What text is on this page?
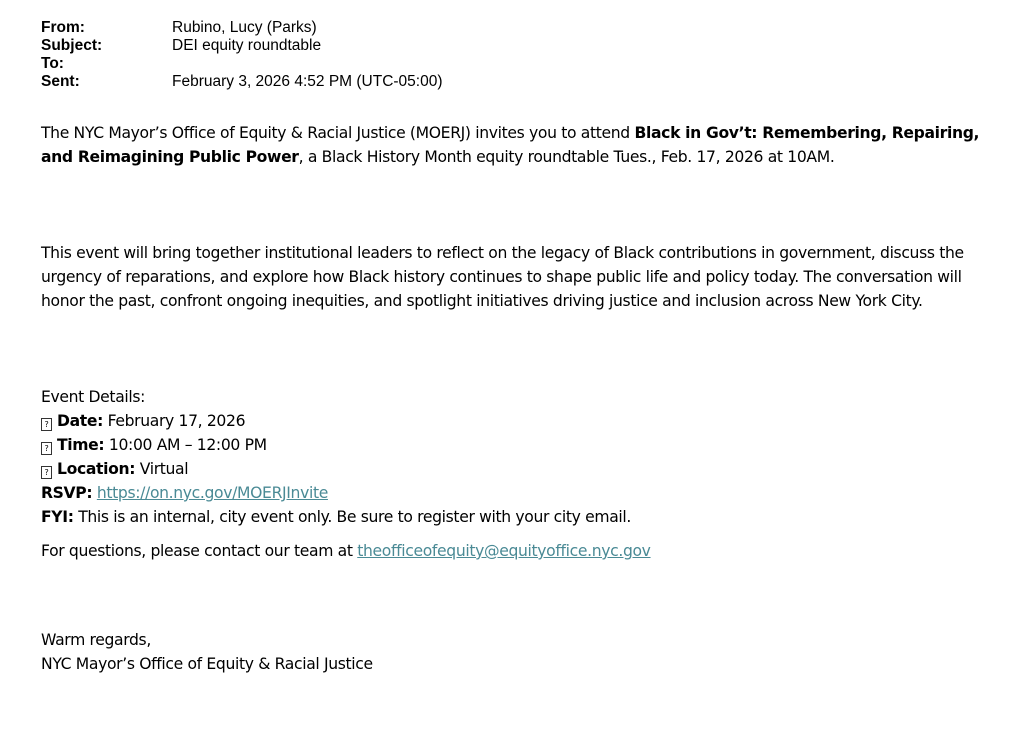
From:	Rubino, Lucy (Parks)
Subject:	DEI equity roundtable
To:
Sent:	February 3, 2026 4:52 PM (UTC-05:00)

The NYC Mayor’s Office of Equity & Racial Justice (MOERJ) invites you to attend Black in Gov’t: Remembering, Repairing, and Reimagining Public Power, a Black History Month equity roundtable Tues., Feb. 17, 2026 at 10AM.

This event will bring together institutional leaders to reflect on the legacy of Black contributions in government, discuss the urgency of reparations, and explore how Black history continues to shape public life and policy today. The conversation will honor the past, confront ongoing inequities, and spotlight initiatives driving justice and inclusion across New York City.

Event Details:
? Date: February 17, 2026
? Time: 10:00 AM – 12:00 PM
? Location: Virtual
RSVP: https://on.nyc.gov/MOERJInvite
FYI: This is an internal, city event only. Be sure to register with your city email.

For questions, please contact our team at theofficeofequity@equityoffice.nyc.gov

Warm regards,
NYC Mayor’s Office of Equity & Racial Justice
